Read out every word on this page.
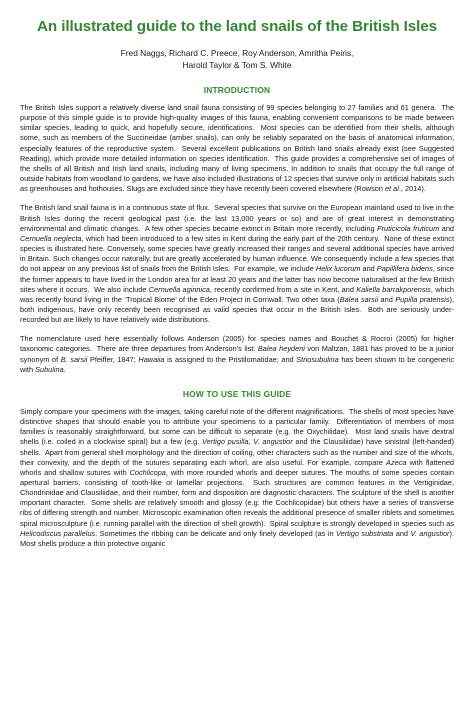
An illustrated guide to the land snails of the British Isles
Fred Naggs, Richard C. Preece, Roy Anderson, Amritha Peiris,
Harold Taylor & Tom S. White
INTRODUCTION

The British Isles support a relatively diverse land snail fauna consisting of 99 species belonging to 27 families and 61 genera.  The purpose of this simple guide is to provide high-quality images of this fauna, enabling convenient comparisons to be made between similar species, leading to quick, and hopefully secure, identifications.  Most species can be identified from their shells, although some, such as members of the Succineidae (amber snails), can only be reliably separated on the basis of anatomical information, especially features of the reproductive system.  Several excellent publications on British land snails already exist (see Suggested Reading), which provide more detailed information on species identification.  This guide provides a comprehensive set of images of the shells of all British and Irish land snails, including many of living specimens. In addition to snails that occupy the full range of outside habitats from woodland to gardens, we have also included illustrations of 12 species that survive only in artificial habitats such as greenhouses and hothouses. Slugs are excluded since they have recently been covered elsewhere (Rowson et al., 2014).

The British land snail fauna is in a continuous state of flux.  Several species that survive on the European mainland used to live in the British Isles during the recent geological past (i.e. the last 13,000 years or so) and are of great interest in demonstrating environmental and climatic changes.  A few other species became extinct in Britain more recently, including Fruticicola fruticum and Cernuella neglecta, which had been introduced to a few sites in Kent during the early part of the 20th century.  None of these extinct species is illustrated here. Conversely, some species have greatly increased their ranges and several additional species have arrived in Britain. Such changes occur naturally, but are greatly accelerated by human influence. We consequently include a few species that do not appear on any previous list of snails from the British Isles.  For example, we include Helix lucorum and Papillifera bidens, since the former appears to have lived in the London area for at least 20 years and the latter has now become naturalised at the few British sites where it occurs.  We also include Cernuella aginnica, recently confirmed from a site in Kent, and Kaliella barrakporensis, which was recently found living in the ‘Tropical Biome’ of the Eden Project in Cornwall. Two other taxa (Balea sarsii and Pupilla pratensis), both indigenous, have only recently been recognised as valid species that occur in the British Isles.  Both are seriously under-recorded but are likely to have relatively wide distributions.

The nomenclature used here essentially follows Anderson (2005) for species names and Bouchet & Rocroi (2005) for higher taxonomic categories.  There are three departures from Anderson’s list: Balea heydeni von Maltzan, 1881 has proved to be a junior synonym of B. sarsii Pfeiffer, 1847; Hawaiia is assigned to the Pristilomatidae; and Striosubulina has been shown to be congeneric with Subulina.

HOW TO USE THIS GUIDE

Simply compare your specimens with the images, taking careful note of the different magnifications.  The shells of most species have distinctive shapes that should enable you to attribute your specimens to a particular family.  Differentiation of members of most families is reasonably straightforward, but some can be difficult to separate (e.g. the Oxychilidae).  Most land snails have dextral shells (i.e. coiled in a clockwise spiral) but a few (e.g. Vertigo pusilla, V. angustior and the Clausiliidae) have sinistral (left-handed) shells.  Apart from general shell morphology and the direction of coiling, other characters such as the number and size of the whorls, their convexity, and the depth of the sutures separating each whorl, are also useful. For example, compare Azeca with flattened whorls and shallow sutures with Cochlicopa, with more rounded whorls and deeper sutures. The mouths of some species contain apertural barriers, consisting of tooth-like or lamellar projections.  Such structures are common features in the Vertiginidae, Chondrinidae and Clausiliidae, and their number, form and disposition are diagnostic characters. The sculpture of the shell is another important character.  Some shells are relatively smooth and glossy (e.g. the Cochlicopidae) but others have a series of transverse ribs of differing strength and number. Microscopic examination often reveals the additional presence of smaller riblets and sometimes spiral microsculpture (i.e. running parallel with the direction of shell growth).  Spiral sculpture is strongly developed in species such as Helicodiscus parallelus. Sometimes the ribbing can be delicate and only finely developed (as in Vertigo substriata and V. angustior). Most shells produce a thin protective organic
